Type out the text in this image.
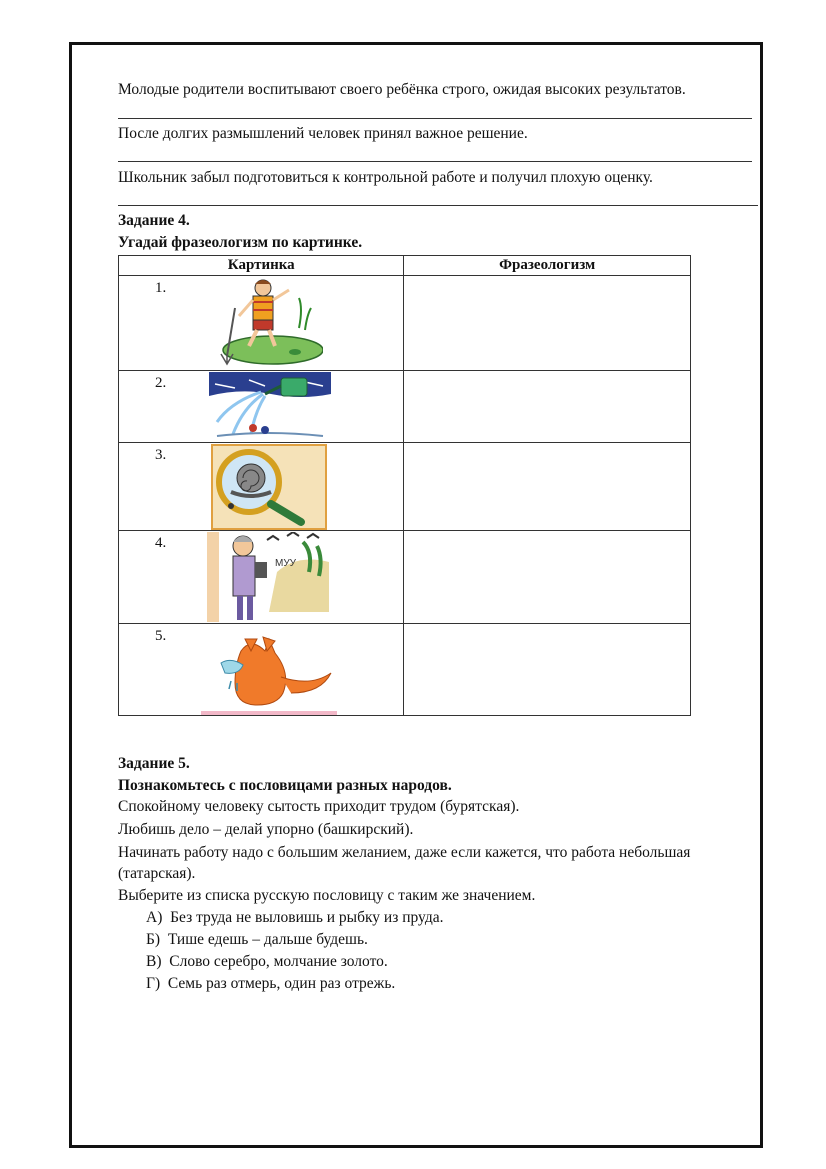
Молодые родители воспитывают своего ребёнка строго, ожидая высоких результатов.
После долгих размышлений человек принял важное решение.
Школьник забыл подготовиться к контрольной работе и получил плохую оценку.
Задание 4.
Угадай фразеологизм по картинке.
Картинка	Фразеологизм

1.	

2.	

3.	

4.
МУУ	

5.	

Задание 5.
Познакомьтесь с пословицами разных народов.
Спокойному человеку сытость приходит трудом (бурятская).
Любишь дело – делай упорно (башкирский).
Начинать работу надо с большим желанием, даже если кажется, что работа небольшая
(татарская).
Выберите из списка русскую пословицу с таким же значением.
А) Без труда не выловишь и рыбку из пруда.
Б) Тише едешь – дальше будешь.
В) Слово серебро, молчание золото.
Г) Семь раз отмерь, один раз отрежь.
